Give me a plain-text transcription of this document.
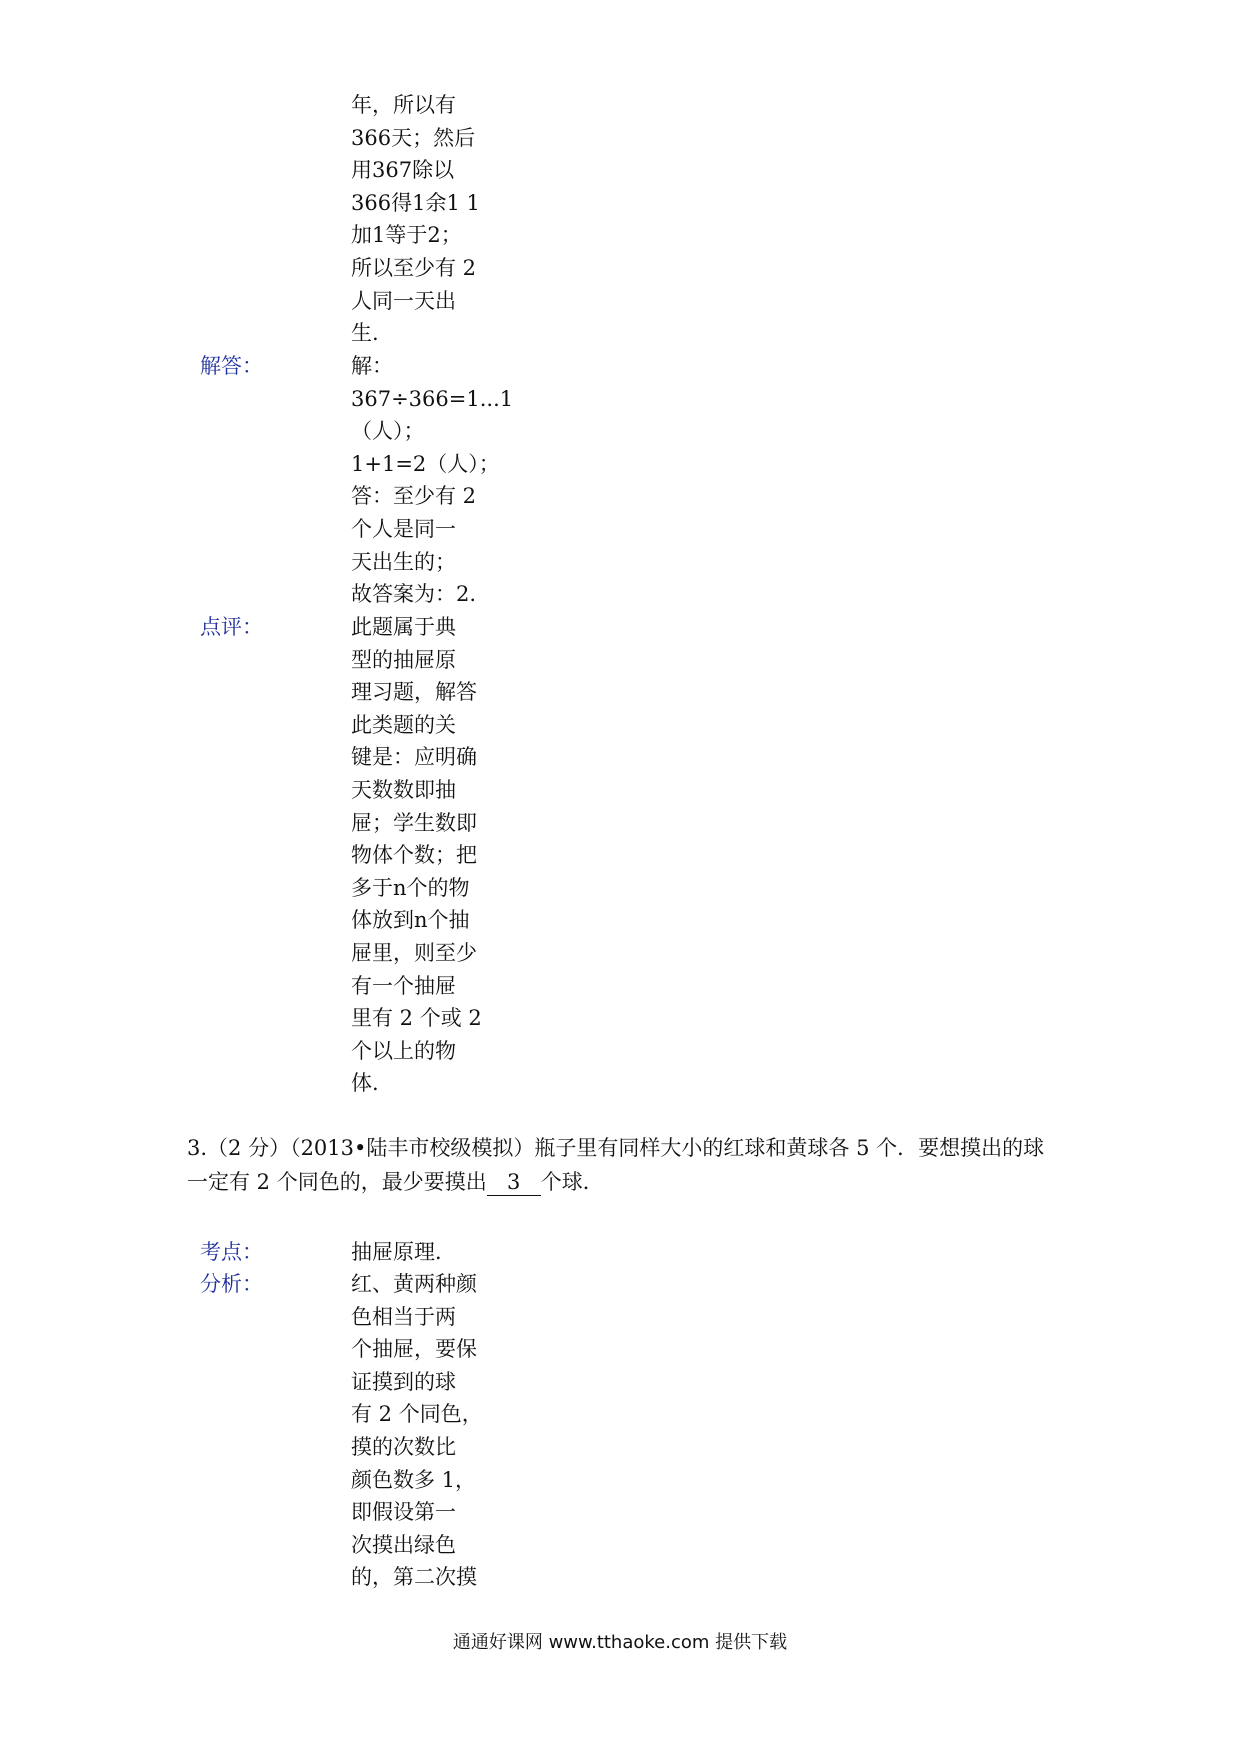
年，所以有
366天；然后
用367除以
366得1余1 1
加1等于2；
所以至少有 2
人同一天出
生.
解答：	解：
367÷366=1...1
（人）；
1+1=2（人）；
答：至少有 2
个人是同一
天出生的；
故答案为：2.
点评：	此题属于典
型的抽屉原
理习题，解答
此类题的关
键是：应明确
天数数即抽
屉；学生数即
物体个数；把
多于n个的物
体放到n个抽
屉里，则至少
有一个抽屉
里有 2 个或 2
个以上的物
体.
3.（2 分）（2013•陆丰市校级模拟）瓶子里有同样大小的红球和黄球各 5 个．要想摸出的球
一定有 2 个同色的，最少要摸出 3 个球．
考点：	抽屉原理．
分析：	红、黄两种颜
色相当于两
个抽屉，要保
证摸到的球
有 2 个同色，
摸的次数比
颜色数多 1，
即假设第一
次摸出绿色
的，第二次摸
通通好课网 www.tthaoke.com 提供下载
